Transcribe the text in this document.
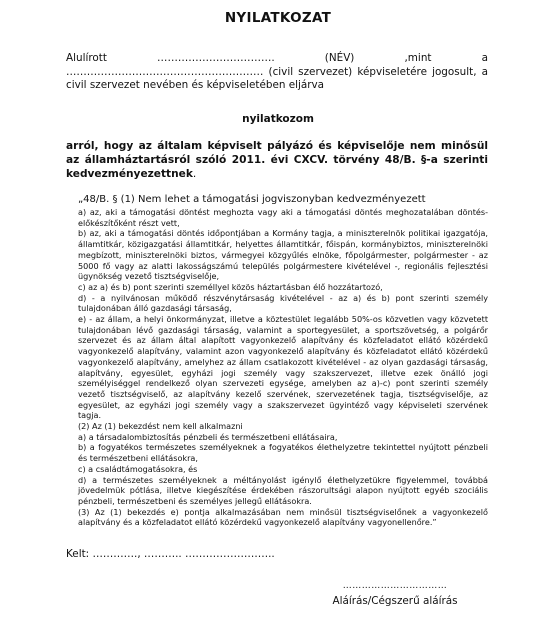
NYILATKOZAT
Alulírott ……………………………. (NÉV) ,mint a ………………………………………………… (civil szervezet) képviseletére jogosult, a civil szervezet nevében és képviseletében eljárva
nyilatkozom
arról, hogy az általam képviselt pályázó és képviselője nem minősül az államháztartásról szóló 2011. évi CXCV. törvény 48/B. §-a szerinti kedvezményezettnek.

„48/B. § (1) Nem lehet a támogatási jogviszonyban kedvezményezett

a) az, aki a támogatási döntést meghozta vagy aki a támogatási döntés meghozatalában döntés-előkészítőként részt vett,

b) az, aki a támogatási döntés időpontjában a Kormány tagja, a miniszterelnök politikai igazgatója, államtitkár, közigazgatási államtitkár, helyettes államtitkár, főispán, kormánybiztos, miniszterelnöki megbízott, miniszterelnöki biztos, vármegyei közgyűlés elnöke, főpolgármester, polgármester - az 5000 fő vagy az alatti lakosságszámú település polgármestere kivételével -, regionális fejlesztési ügynökség vezető tisztségviselője,

c) az a) és b) pont szerinti személlyel közös háztartásban élő hozzátartozó,

d) - a nyilvánosan működő részvénytársaság kivételével - az a) és b) pont szerinti személy tulajdonában álló gazdasági társaság,

e) - az állam, a helyi önkormányzat, illetve a köztestület legalább 50%-os közvetlen vagy közvetett tulajdonában lévő gazdasági társaság, valamint a sportegyesület, a sportszövetség, a polgárőr szervezet és az állam által alapított vagyonkezelő alapítvány és közfeladatot ellátó közérdekű vagyonkezelő alapítvány, valamint azon vagyonkezelő alapítvány és közfeladatot ellátó közérdekű vagyonkezelő alapítvány, amelyhez az állam csatlakozott kivételével - az olyan gazdasági társaság, alapítvány, egyesület, egyházi jogi személy vagy szakszervezet, illetve ezek önálló jogi személyiséggel rendelkező olyan szervezeti egysége, amelyben az a)-c) pont szerinti személy vezető tisztségviselő, az alapítvány kezelő szervének, szervezetének tagja, tisztségviselője, az egyesület, az egyházi jogi személy vagy a szakszervezet ügyintéző vagy képviseleti szervének tagja.

(2) Az (1) bekezdést nem kell alkalmazni

a) a társadalombiztosítás pénzbeli és természetbeni ellátásaira,

b) a fogyatékos természetes személyeknek a fogyatékos élethelyzetre tekintettel nyújtott pénzbeli és természetbeni ellátásokra,

c) a családtámogatásokra, és

d) a természetes személyeknek a méltányolást igénylő élethelyzetükre figyelemmel, továbbá jövedelmük pótlása, illetve kiegészítése érdekében rászorultsági alapon nyújtott egyéb szociális pénzbeli, természetbeni és személyes jellegű ellátásokra.

(3) Az (1) bekezdés e) pontja alkalmazásában nem minősül tisztségviselőnek a vagyonkezelő alapítvány és a közfeladatot ellátó közérdekű vagyonkezelő alapítvány vagyonellenőre.”

Kelt: …………., ……….. ……………………..
……………………………
Aláírás/Cégszerű aláírás
